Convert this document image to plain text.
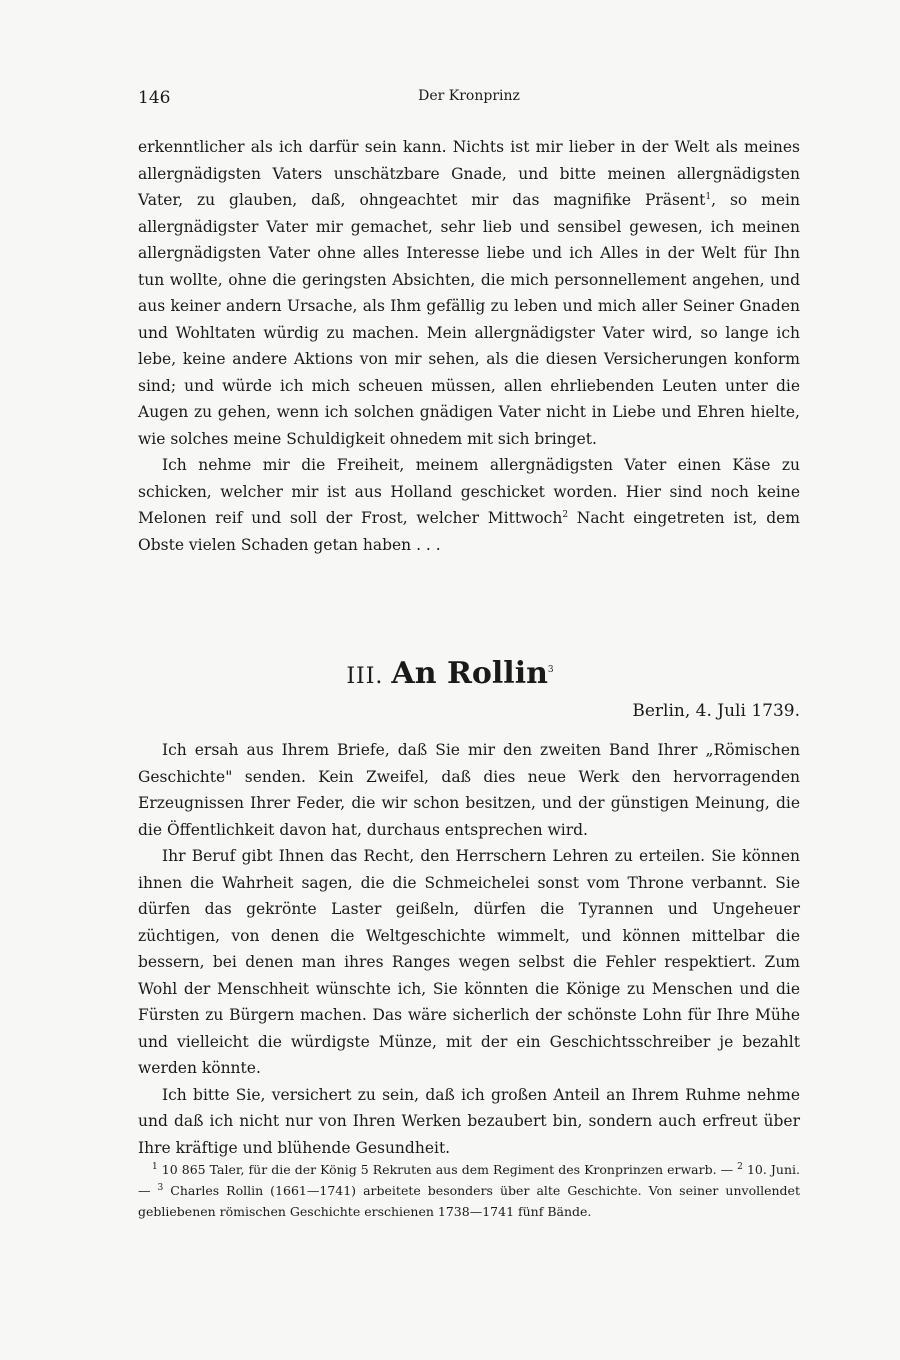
146	Der Kronprinz

erkenntlicher als ich darfür sein kann. Nichts ist mir lieber in der Welt als meines allergnädigsten Vaters unschätzbare Gnade, und bitte meinen allergnädigsten Vater, zu glauben, daß, ohngeachtet mir das magnifike Präsent$^1$, so mein allergnädigster Vater mir gemachet, sehr lieb und sensibel gewesen, ich meinen allergnädigsten Vater ohne alles Interesse liebe und ich Alles in der Welt für Ihn tun wollte, ohne die geringsten Absichten, die mich personnellement angehen, und aus keiner andern Ursache, als Ihm gefällig zu leben und mich aller Seiner Gnaden und Wohltaten würdig zu machen. Mein allergnädigster Vater wird, so lange ich lebe, keine andere Aktions von mir sehen, als die diesen Versicherungen konform sind; und würde ich mich scheuen müssen, allen ehrliebenden Leuten unter die Augen zu gehen, wenn ich solchen gnädigen Vater nicht in Liebe und Ehren hielte, wie solches meine Schuldigkeit ohnedem mit sich bringet.

Ich nehme mir die Freiheit, meinem allergnädigsten Vater einen Käse zu schicken, welcher mir ist aus Holland geschicket worden. Hier sind noch keine Melonen reif und soll der Frost, welcher Mittwoch$^2$ Nacht eingetreten ist, dem Obste vielen Schaden getan haben . . .

III. An Rollin$^3$
Berlin, 4. Juli 1739.

Ich ersah aus Ihrem Briefe, daß Sie mir den zweiten Band Ihrer „Römischen Geschichte" senden. Kein Zweifel, daß dies neue Werk den hervorragenden Erzeugnissen Ihrer Feder, die wir schon besitzen, und der günstigen Meinung, die die Öffentlichkeit davon hat, durchaus entsprechen wird.

Ihr Beruf gibt Ihnen das Recht, den Herrschern Lehren zu erteilen. Sie können ihnen die Wahrheit sagen, die die Schmeichelei sonst vom Throne verbannt. Sie dürfen das gekrönte Laster geißeln, dürfen die Tyrannen und Ungeheuer züchtigen, von denen die Weltgeschichte wimmelt, und können mittelbar die bessern, bei denen man ihres Ranges wegen selbst die Fehler respektiert. Zum Wohl der Menschheit wünschte ich, Sie könnten die Könige zu Menschen und die Fürsten zu Bürgern machen. Das wäre sicherlich der schönste Lohn für Ihre Mühe und vielleicht die würdigste Münze, mit der ein Geschichtsschreiber je bezahlt werden könnte.

Ich bitte Sie, versichert zu sein, daß ich großen Anteil an Ihrem Ruhme nehme und daß ich nicht nur von Ihren Werken bezaubert bin, sondern auch erfreut über Ihre kräftige und blühende Gesundheit.

$^1$ 10 865 Taler, für die der König 5 Rekruten aus dem Regiment des Kronprinzen erwarb. — $^2$ 10. Juni. — $^3$ Charles Rollin (1661—1741) arbeitete besonders über alte Geschichte. Von seiner unvollendet gebliebenen römischen Geschichte erschienen 1738—1741 fünf Bände.
